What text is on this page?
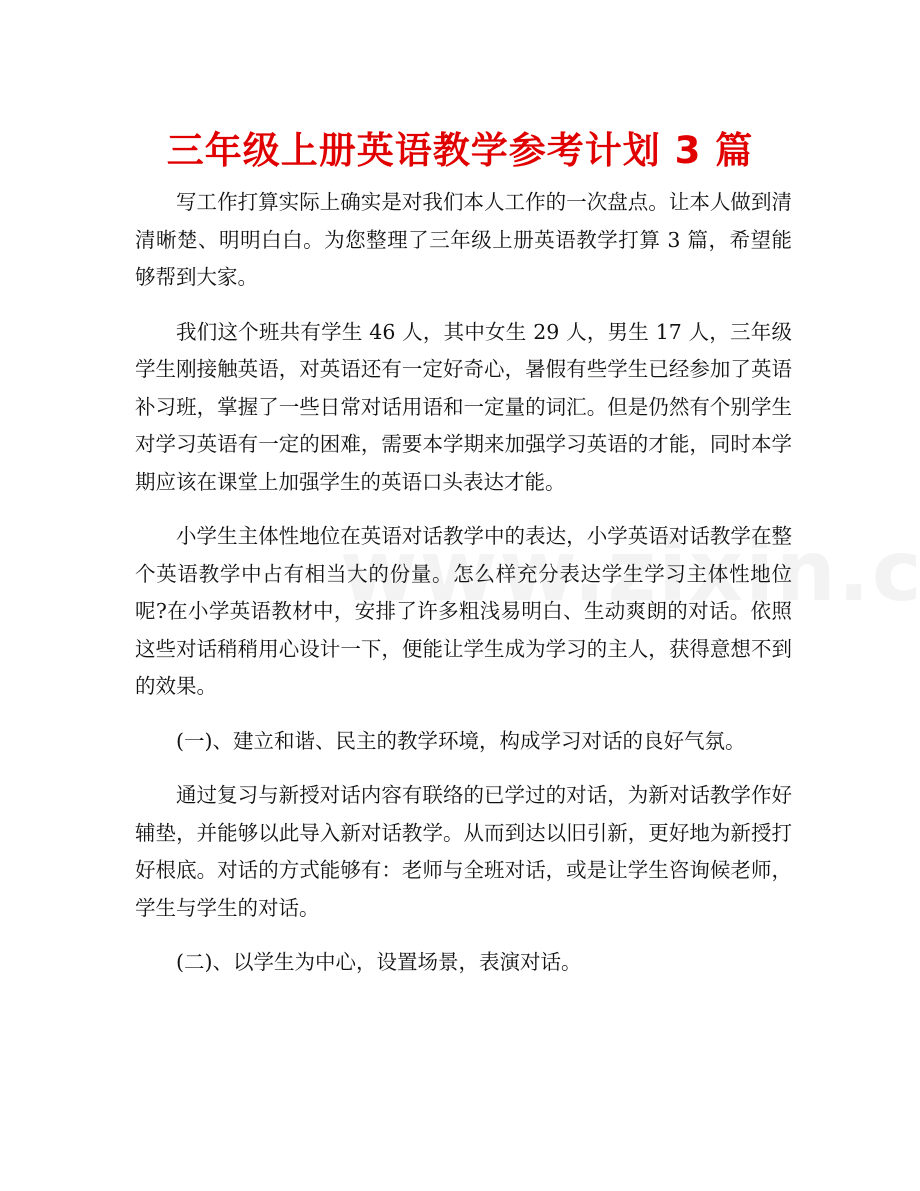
三年级上册英语教学参考计划 3 篇

写工作打算实际上确实是对我们本人工作的一次盘点。让本人做到清清晰楚、明明白白。为您整理了三年级上册英语教学打算 3 篇，希望能够帮到大家。

我们这个班共有学生 46 人，其中女生 29 人，男生 17 人，三年级学生刚接触英语，对英语还有一定好奇心，暑假有些学生已经参加了英语补习班，掌握了一些日常对话用语和一定量的词汇。但是仍然有个别学生对学习英语有一定的困难，需要本学期来加强学习英语的才能，同时本学期应该在课堂上加强学生的英语口头表达才能。

小学生主体性地位在英语对话教学中的表达，小学英语对话教学在整个英语教学中占有相当大的份量。怎么样充分表达学生学习主体性地位呢?在小学英语教材中，安排了许多粗浅易明白、生动爽朗的对话。依照这些对话稍稍用心设计一下，便能让学生成为学习的主人，获得意想不到的效果。

(一)、建立和谐、民主的教学环境，构成学习对话的良好气氛。

通过复习与新授对话内容有联络的已学过的对话，为新对话教学作好辅垫，并能够以此导入新对话教学。从而到达以旧引新，更好地为新授打好根底。对话的方式能够有：老师与全班对话，或是让学生咨询候老师，学生与学生的对话。

(二)、以学生为中心，设置场景，表演对话。
